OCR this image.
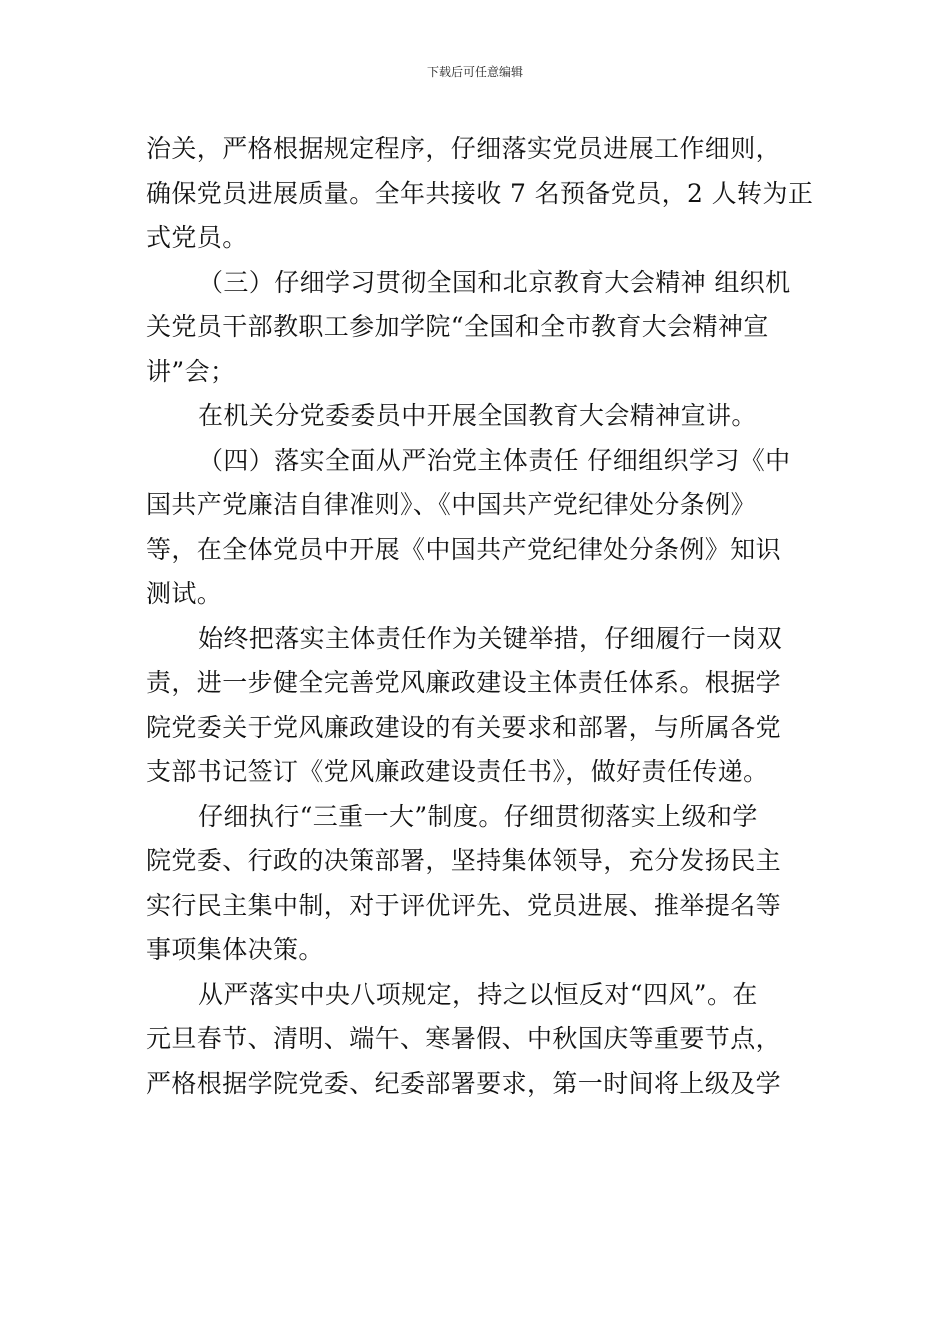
下载后可任意编辑
治关，严格根据规定程序，仔细落实党员进展工作细则，
确保党员进展质量。全年共接收 7 名预备党员，2 人转为正
式党员。
（三）仔细学习贯彻全国和北京教育大会精神 组织机
关党员干部教职工参加学院“全国和全市教育大会精神宣
讲”会；
在机关分党委委员中开展全国教育大会精神宣讲。
（四）落实全面从严治党主体责任 仔细组织学习《中
国共产党廉洁自律准则》、《中国共产党纪律处分条例》
等，在全体党员中开展《中国共产党纪律处分条例》知识
测试。
始终把落实主体责任作为关键举措，仔细履行一岗双
责，进一步健全完善党风廉政建设主体责任体系。根据学
院党委关于党风廉政建设的有关要求和部署，与所属各党
支部书记签订《党风廉政建设责任书》，做好责任传递。
仔细执行“三重一大”制度。仔细贯彻落实上级和学
院党委、行政的决策部署，坚持集体领导，充分发扬民主
实行民主集中制，对于评优评先、党员进展、推举提名等
事项集体决策。
从严落实中央八项规定，持之以恒反对“四风”。在
元旦春节、清明、端午、寒暑假、中秋国庆等重要节点，
严格根据学院党委、纪委部署要求，第一时间将上级及学
